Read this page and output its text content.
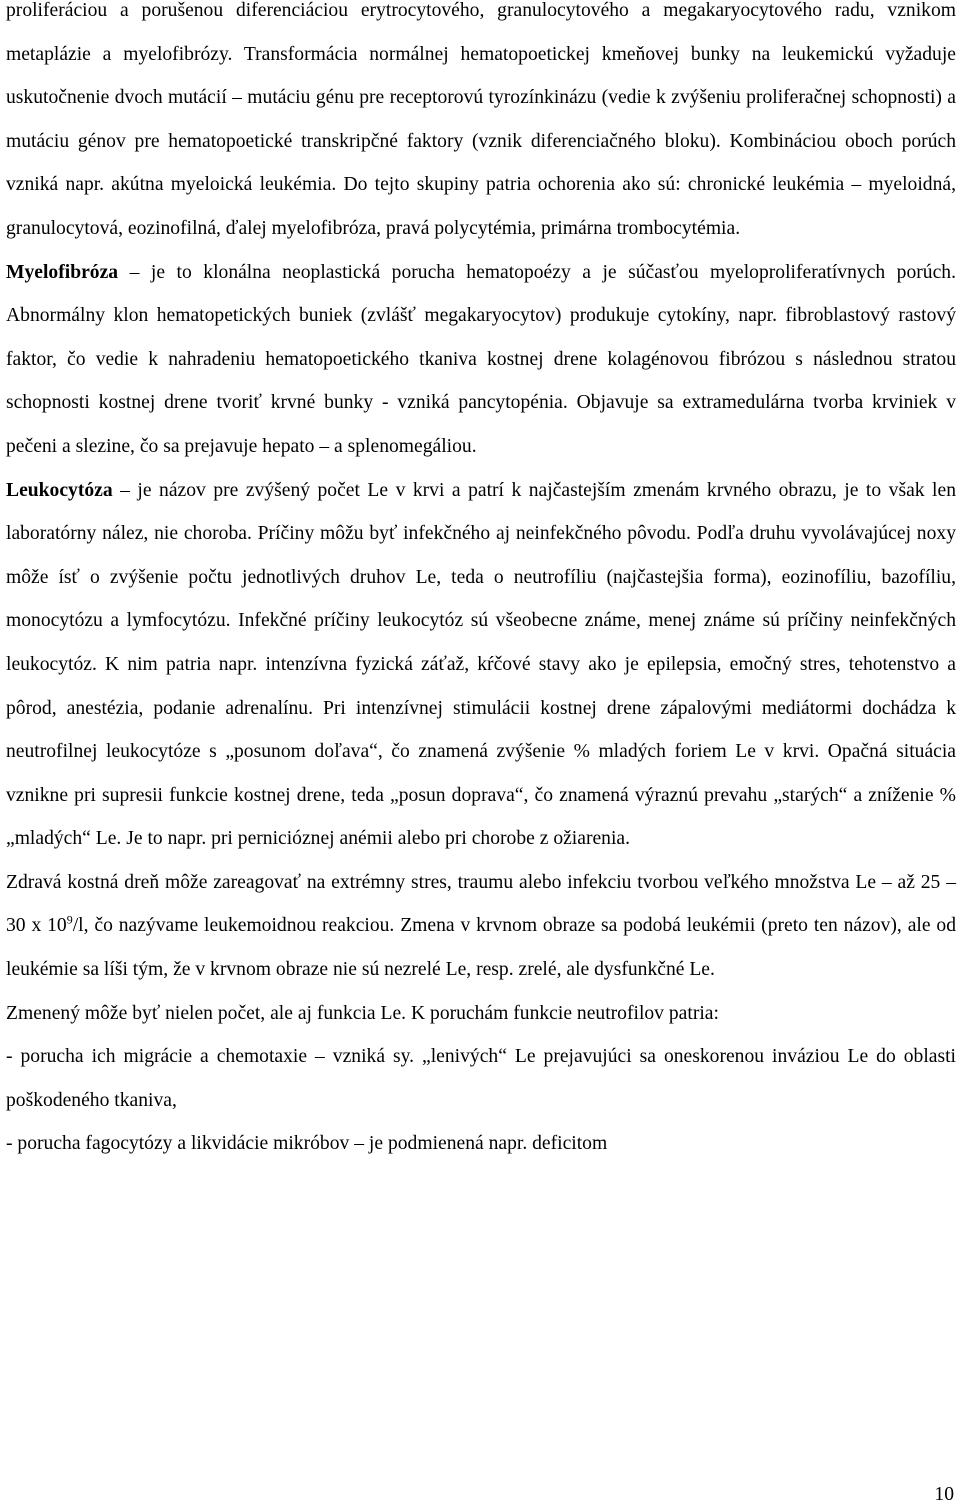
proliferáciou a porušenou diferenciáciou erytrocytového, granulocytového a megakaryocytového radu, vznikom metaplázie a myelofibrózy. Transformácia normálnej hematopoetickej kmeňovej bunky na leukemickú vyžaduje uskutočnenie dvoch mutácií – mutáciu génu pre receptorovú tyrozínkinázu (vedie k zvýšeniu proliferačnej schopnosti) a mutáciu génov pre hematopoetické transkripčné faktory (vznik diferenciačného bloku). Kombináciou oboch porúch vzniká napr. akútna myeloická leukémia. Do tejto skupiny patria ochorenia ako sú: chronické leukémia – myeloidná, granulocytová, eozinofilná, ďalej myelofibróza, pravá polycytémia, primárna trombocytémia.

Myelofibróza – je to klonálna neoplastická porucha hematopoézy a je súčasťou myeloproliferatívnych porúch. Abnormálny klon hematopetických buniek (zvlášť megakaryocytov) produkuje cytokíny, napr. fibroblastový rastový faktor, čo vedie k nahradeniu hematopoetického tkaniva kostnej drene kolagénovou fibrózou s následnou stratou schopnosti kostnej drene tvoriť krvné bunky - vzniká pancytopénia. Objavuje sa extramedulárna tvorba krviniek v pečeni a slezine, čo sa prejavuje hepato – a splenomegáliou.

Leukocytóza – je názov pre zvýšený počet Le v krvi a patrí k najčastejším zmenám krvného obrazu, je to však len laboratórny nález, nie choroba. Príčiny môžu byť infekčného aj neinfekčného pôvodu. Podľa druhu vyvolávajúcej noxy môže ísť o zvýšenie počtu jednotlivých druhov Le, teda o neutrofíliu (najčastejšia forma), eozinofíliu, bazofíliu, monocytózu a lymfocytózu. Infekčné príčiny leukocytóz sú všeobecne známe, menej známe sú príčiny neinfekčných leukocytóz. K nim patria napr. intenzívna fyzická záťaž, kŕčové stavy ako je epilepsia, emočný stres, tehotenstvo a pôrod, anestézia, podanie adrenalínu. Pri intenzívnej stimulácii kostnej drene zápalovými mediátormi dochádza k neutrofilnej leukocytóze s „posunom doľava“, čo znamená zvýšenie % mladých foriem Le v krvi. Opačná situácia vznikne pri supresii funkcie kostnej drene, teda „posun doprava“, čo znamená výraznú prevahu „starých“ a zníženie % „mladých“ Le. Je to napr. pri pernicióznej anémii alebo pri chorobe z ožiarenia.

Zdravá kostná dreň môže zareagovať na extrémny stres, traumu alebo infekciu tvorbou veľkého množstva Le – až 25 – 30 x $10^9/l$, čo nazývame leukemoidnou reakciou. Zmena v krvnom obraze sa podobá leukémii (preto ten názov), ale od leukémie sa líši tým, že v krvnom obraze nie sú nezrelé Le, resp. zrelé, ale dysfunkčné Le.

Zmenený môže byť nielen počet, ale aj funkcia Le. K poruchám funkcie neutrofilov patria:

- porucha ich migrácie a chemotaxie – vzniká sy. „lenivých“ Le prejavujúci sa oneskorenou inváziou Le do oblasti poškodeného tkaniva,

- porucha fagocytózy a likvidácie mikróbov – je podmienená napr. deficitom

10
